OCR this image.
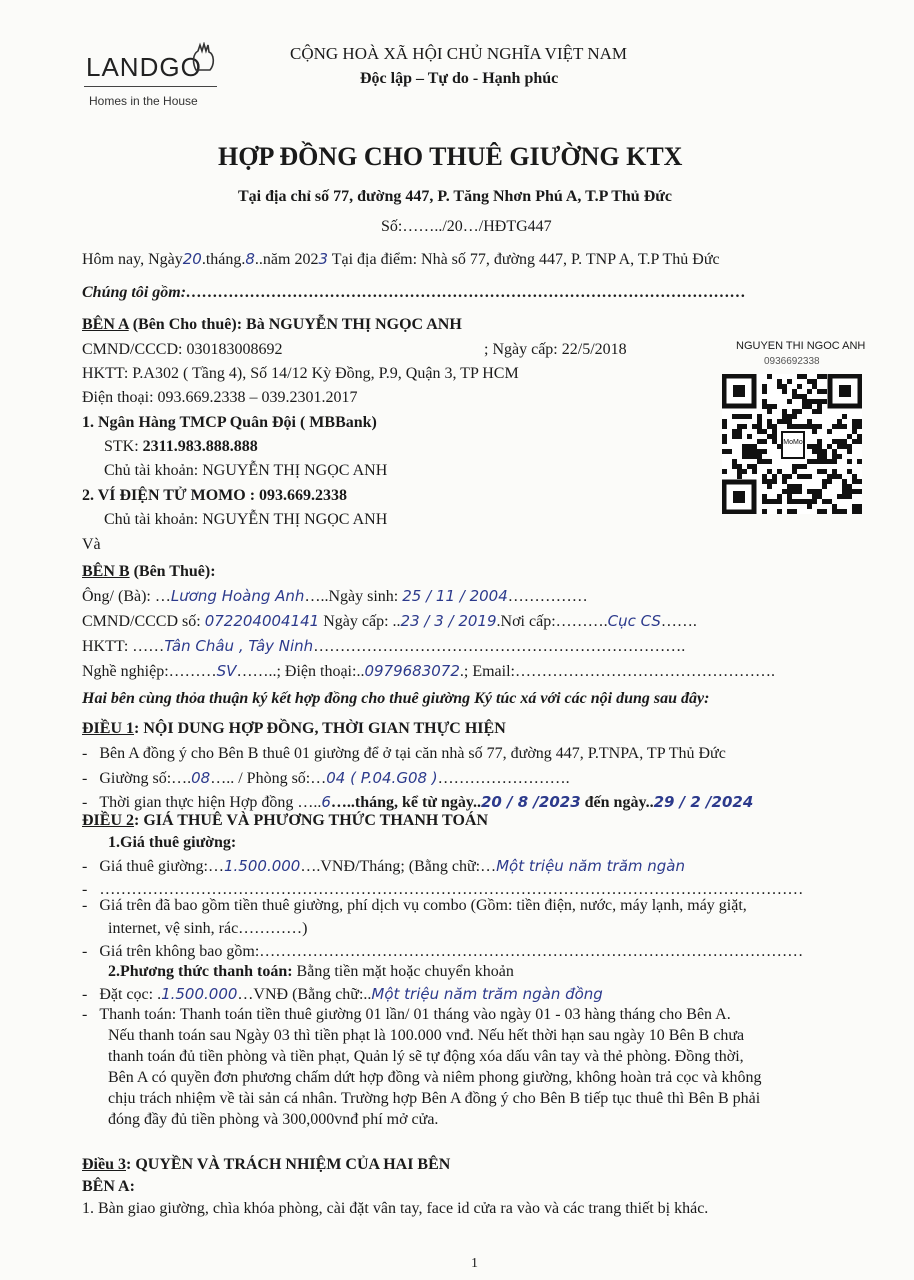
LANDGO
Homes in the House
CỘNG HOÀ XÃ HỘI CHỦ NGHĨA VIỆT NAM
Độc lập – Tự do - Hạnh phúc
HỢP ĐỒNG CHO THUÊ GIƯỜNG KTX
Tại địa chỉ số 77, đường 447, P. Tăng Nhơn Phú A, T.P Thủ Đức
Số:……../20…/HĐTG447
Hôm nay, Ngày20.tháng.8..năm 2023 Tại địa điểm: Nhà số 77, đường 447, P. TNP A, T.P Thủ Đức
Chúng tôi gồm:……………………………………………………………………………………………
BÊN A (Bên Cho thuê): Bà NGUYỄN THỊ NGỌC ANH
CMND/CCCD: 030183008692	; Ngày cấp: 22/5/2018
HKTT: P.A302 ( Tầng 4), Số 14/12 Kỳ Đồng, P.9, Quận 3, TP HCM
Điện thoại: 093.669.2338 – 039.2301.2017
1. Ngân Hàng TMCP Quân Đội ( MBBank)
STK: 2311.983.888.888
Chủ tài khoản: NGUYỄN THỊ NGỌC ANH
2. VÍ ĐIỆN TỬ MOMO : 093.669.2338
Chủ tài khoản: NGUYỄN THỊ NGỌC ANH
Và
NGUYEN THI NGOC ANH
0936692338
MoMo
BÊN B (Bên Thuê):
Ông/ (Bà): …Lương Hoàng Anh…..Ngày sinh: 25 / 11 / 2004……………
CMND/CCCD số: 072204004141 Ngày cấp: ..23 / 3 / 2019.Nơi cấp:……….Cục CS…….
HKTT: ……Tân Châu , Tây Ninh…………………………………………………………….
Nghề nghiệp:………SV……..; Điện thoại:..0979683072.; Email:………………………………………….
Hai bên cùng thỏa thuận ký kết hợp đồng cho thuê giường Ký túc xá với các nội dung sau đây:
ĐIỀU 1: NỘI DUNG HỢP ĐỒNG, THỜI GIAN THỰC HIỆN
-   Bên A đồng ý cho Bên B thuê 01 giường để ở tại căn nhà số 77, đường 447, P.TNPA, TP Thủ Đức
-   Giường số:….08….. / Phòng số:…04 ( P.04.G08 )…………………….
-   Thời gian thực hiện Hợp đồng …..6…..tháng, kể từ ngày..20 / 8 /2023 đến ngày..29 / 2 /2024
ĐIỀU 2: GIÁ THUÊ VÀ PHƯƠNG THỨC THANH TOÁN
1.Giá thuê giường:
-   Giá thuê giường:…1.500.000….VNĐ/Tháng; (Bằng chữ:…Một triệu năm trăm ngàn
-   ……………………………………………………………………………………………………………………
-   Giá trên đã bao gồm tiền thuê giường, phí dịch vụ combo (Gồm: tiền điện, nước, máy lạnh, máy giặt,
internet, vệ sinh, rác…………)
-   Giá trên không bao gồm:…………………………………………………………………………………………
2.Phương thức thanh toán: Bằng tiền mặt hoặc chuyển khoản
-   Đặt cọc: .1.500.000…VNĐ (Bằng chữ:..Một triệu năm trăm ngàn đồng
-   Thanh toán: Thanh toán tiền thuê giường 01 lần/ 01 tháng vào ngày 01 - 03 hàng tháng cho Bên A.
Nếu thanh toán sau Ngày 03 thì tiền phạt là 100.000 vnđ. Nếu hết thời hạn sau ngày 10 Bên B chưa
thanh toán đủ tiền phòng và tiền phạt, Quản lý sẽ tự động xóa dấu vân tay và thẻ phòng. Đồng thời,
Bên A có quyền đơn phương chấm dứt hợp đồng và niêm phong giường, không hoàn trả cọc và không
chịu trách nhiệm về tài sản cá nhân. Trường hợp Bên A đồng ý cho Bên B tiếp tục thuê thì Bên B phải
đóng đầy đủ tiền phòng và 300,000vnđ phí mở cửa.
Điều 3: QUYỀN VÀ TRÁCH NHIỆM CỦA HAI BÊN
BÊN A:
1. Bàn giao giường, chìa khóa phòng, cài đặt vân tay, face id cửa ra vào và các trang thiết bị khác.
1
